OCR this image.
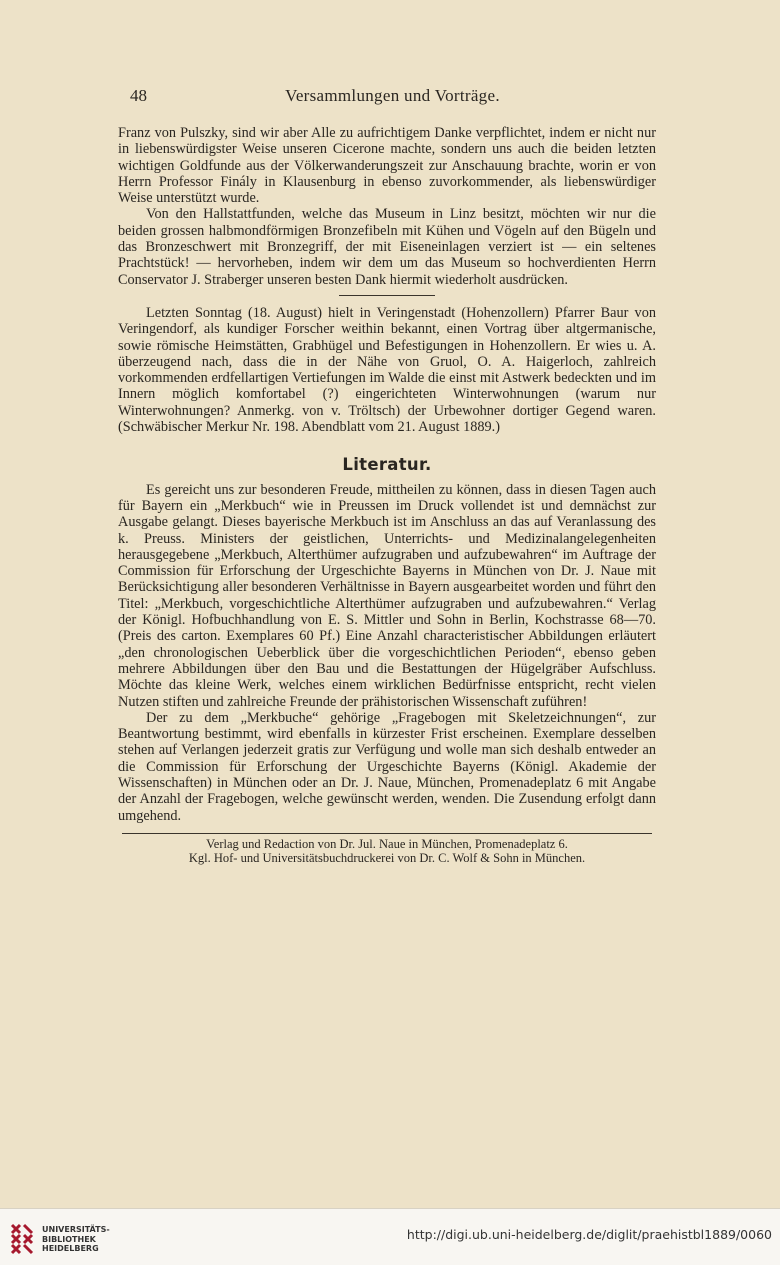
48	Versammlungen und Vorträge.

Franz von Pulszky, sind wir aber Alle zu aufrichtigem Danke verpflichtet, indem er nicht nur in liebenswürdigster Weise unseren Cicerone machte, sondern uns auch die beiden letzten wichtigen Goldfunde aus der Völkerwanderungszeit zur Anschauung brachte, worin er von Herrn Professor Finály in Klausenburg in ebenso zuvorkommender, als liebenswürdiger Weise unterstützt wurde.

Von den Hallstattfunden, welche das Museum in Linz besitzt, möchten wir nur die beiden grossen halbmondförmigen Bronzefibeln mit Kühen und Vögeln auf den Bügeln und das Bronzeschwert mit Bronzegriff, der mit Eiseneinlagen verziert ist — ein seltenes Prachtstück! — hervorheben, indem wir dem um das Museum so hochverdienten Herrn Conservator J. Straberger unseren besten Dank hiermit wiederholt ausdrücken.

Letzten Sonntag (18. August) hielt in Veringenstadt (Hohenzollern) Pfarrer Baur von Veringendorf, als kundiger Forscher weithin bekannt, einen Vortrag über altgermanische, sowie römische Heimstätten, Grabhügel und Befestigungen in Hohenzollern. Er wies u. A. überzeugend nach, dass die in der Nähe von Gruol, O. A. Haigerloch, zahlreich vorkommenden erdfellartigen Vertiefungen im Walde die einst mit Astwerk bedeckten und im Innern möglich komfortabel (?) eingerichteten Winterwohnungen (warum nur Winterwohnungen? Anmerkg. von v. Tröltsch) der Urbewohner dortiger Gegend waren. (Schwäbischer Merkur Nr. 198. Abendblatt vom 21. August 1889.)

Literatur.

Es gereicht uns zur besonderen Freude, mittheilen zu können, dass in diesen Tagen auch für Bayern ein „Merkbuch“ wie in Preussen im Druck vollendet ist und demnächst zur Ausgabe gelangt. Dieses bayerische Merkbuch ist im Anschluss an das auf Veranlassung des k. Preuss. Ministers der geistlichen, Unterrichts- und Medizinalangelegenheiten herausgegebene „Merkbuch, Alterthümer aufzugraben und aufzubewahren“ im Auftrage der Commission für Erforschung der Urgeschichte Bayerns in München von Dr. J. Naue mit Berücksichtigung aller besonderen Verhältnisse in Bayern ausgearbeitet worden und führt den Titel: „Merkbuch, vorgeschichtliche Alterthümer aufzugraben und aufzubewahren.“ Verlag der Königl. Hofbuchhandlung von E. S. Mittler und Sohn in Berlin, Kochstrasse 68—70. (Preis des carton. Exemplares 60 Pf.) Eine Anzahl characteristischer Abbildungen erläutert „den chronologischen Ueberblick über die vorgeschichtlichen Perioden“, ebenso geben mehrere Abbildungen über den Bau und die Bestattungen der Hügelgräber Aufschluss. Möchte das kleine Werk, welches einem wirklichen Bedürfnisse entspricht, recht vielen Nutzen stiften und zahlreiche Freunde der prähistorischen Wissenschaft zuführen!

Der zu dem „Merkbuche“ gehörige „Fragebogen mit Skeletzeichnungen“, zur Beantwortung bestimmt, wird ebenfalls in kürzester Frist erscheinen. Exemplare desselben stehen auf Verlangen jederzeit gratis zur Verfügung und wolle man sich deshalb entweder an die Commission für Erforschung der Urgeschichte Bayerns (Königl. Akademie der Wissenschaften) in München oder an Dr. J. Naue, München, Promenadeplatz 6 mit Angabe der Anzahl der Fragebogen, welche gewünscht werden, wenden. Die Zusendung erfolgt dann umgehend.

Verlag und Redaction von Dr. Jul. Naue in München, Promenadeplatz 6.
Kgl. Hof- und Universitätsbuchdruckerei von Dr. C. Wolf & Sohn in München.
UNIVERSITÄTS-
BIBLIOTHEK
HEIDELBERG
http://digi.ub.uni-heidelberg.de/diglit/praehistbl1889/0060
